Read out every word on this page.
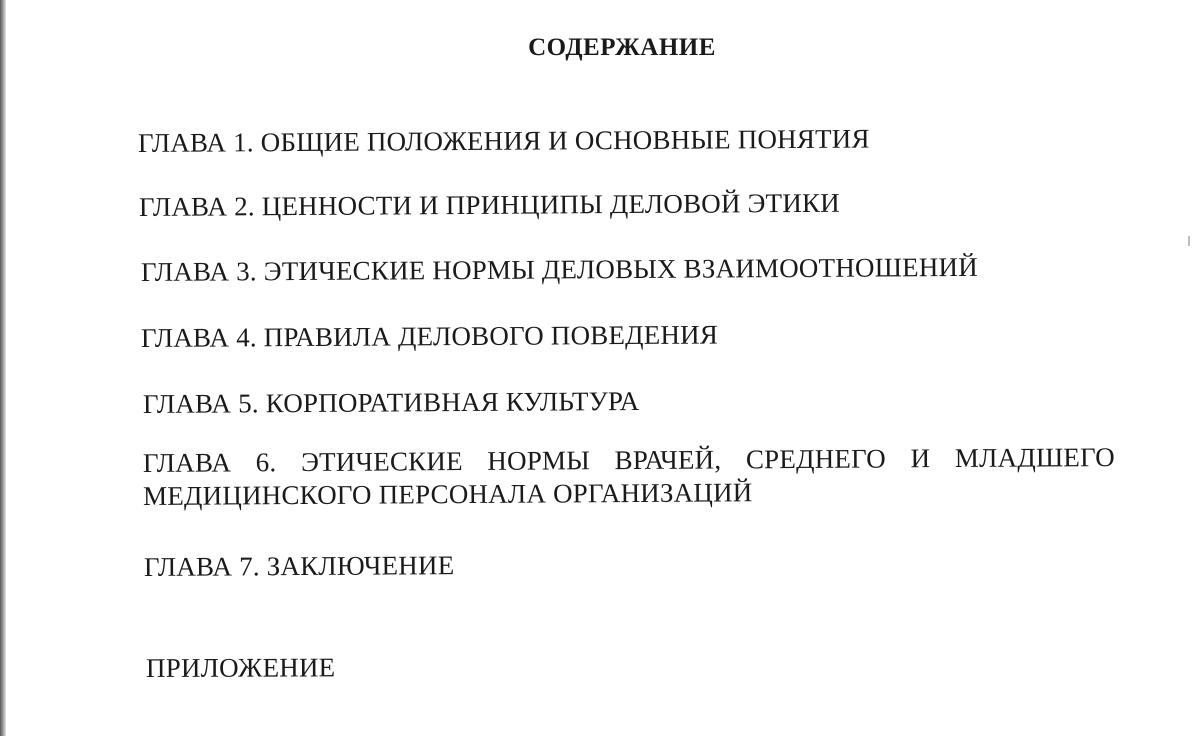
СОДЕРЖАНИЕ

ГЛАВА 1. ОБЩИЕ ПОЛОЖЕНИЯ И ОСНОВНЫЕ ПОНЯТИЯ

ГЛАВА 2. ЦЕННОСТИ И ПРИНЦИПЫ ДЕЛОВОЙ ЭТИКИ

ГЛАВА 3. ЭТИЧЕСКИЕ НОРМЫ ДЕЛОВЫХ ВЗАИМООТНОШЕНИЙ

ГЛАВА 4. ПРАВИЛА ДЕЛОВОГО ПОВЕДЕНИЯ

ГЛАВА 5. КОРПОРАТИВНАЯ КУЛЬТУРА

ГЛАВА 6. ЭТИЧЕСКИЕ НОРМЫ ВРАЧЕЙ, СРЕДНЕГО И МЛАДШЕГО
МЕДИЦИНСКОГО ПЕРСОНАЛА ОРГАНИЗАЦИЙ

ГЛАВА 7. ЗАКЛЮЧЕНИЕ

ПРИЛОЖЕНИЕ
